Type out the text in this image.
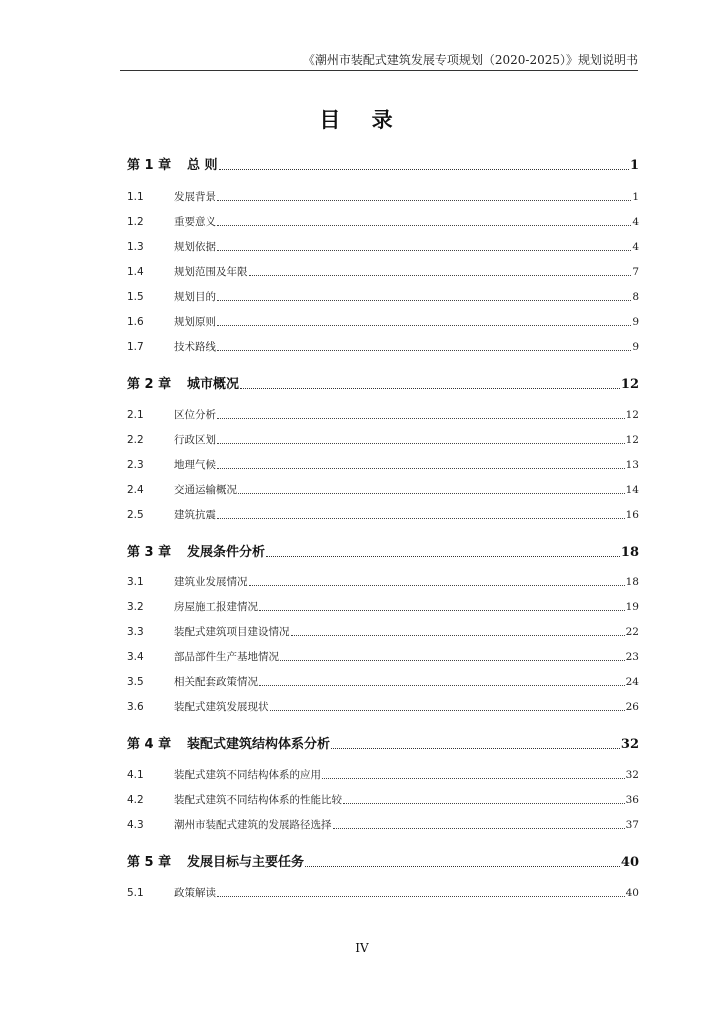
《潮州市装配式建筑发展专项规划（2020-2025）》规划说明书
目 录
第 1 章	总 则	1
1.1	发展背景	1
1.2	重要意义	4
1.3	规划依据	4
1.4	规划范围及年限	7
1.5	规划目的	8
1.6	规划原则	9
1.7	技术路线	9
第 2 章	城市概况	12
2.1	区位分析	12
2.2	行政区划	12
2.3	地理气候	13
2.4	交通运输概况	14
2.5	建筑抗震	16
第 3 章	发展条件分析	18
3.1	建筑业发展情况	18
3.2	房屋施工报建情况	19
3.3	装配式建筑项目建设情况	22
3.4	部品部件生产基地情况	23
3.5	相关配套政策情况	24
3.6	装配式建筑发展现状	26
第 4 章	装配式建筑结构体系分析	32
4.1	装配式建筑不同结构体系的应用	32
4.2	装配式建筑不同结构体系的性能比较	36
4.3	潮州市装配式建筑的发展路径选择	37
第 5 章	发展目标与主要任务	40
5.1	政策解读	40
IV
